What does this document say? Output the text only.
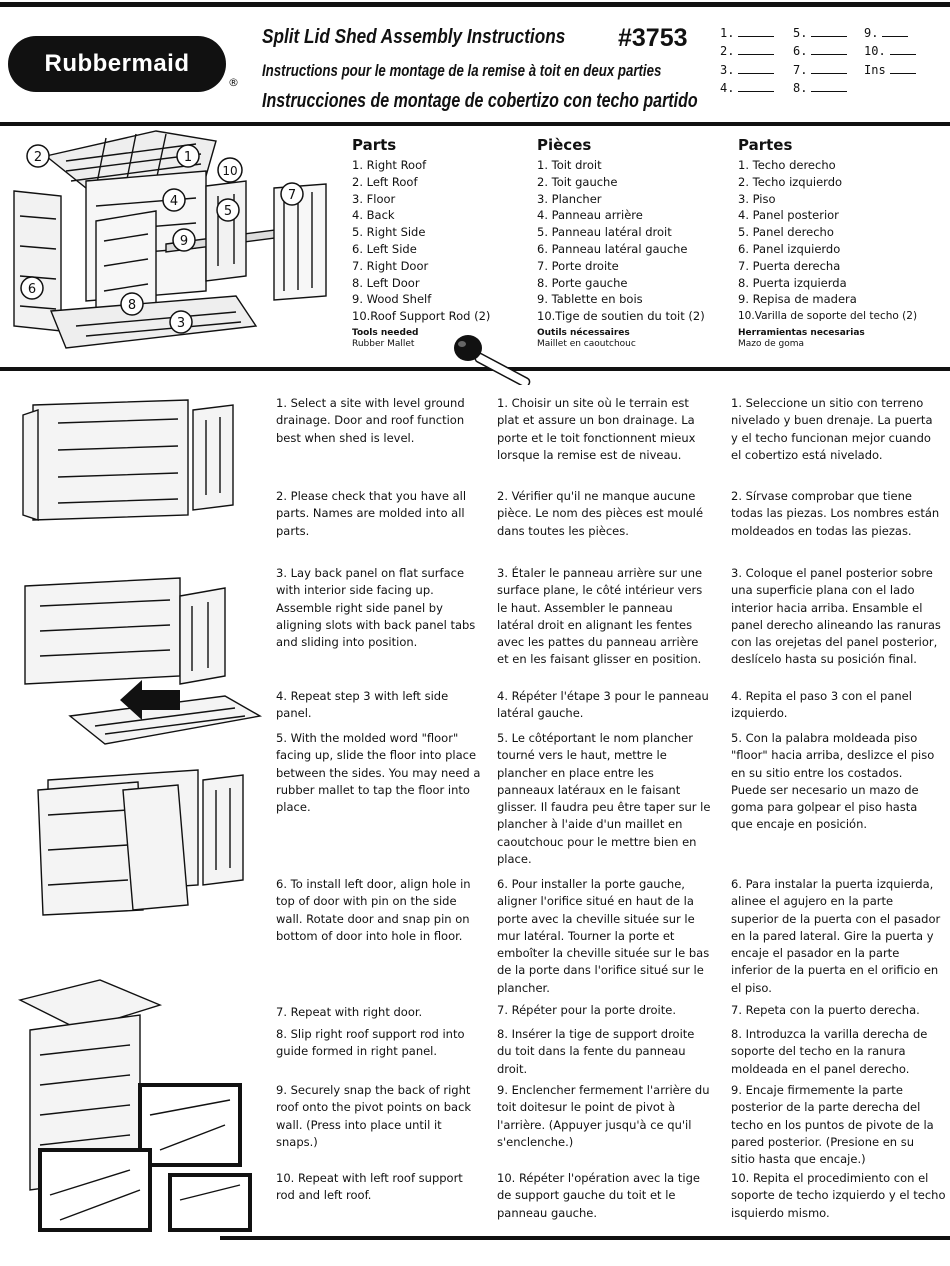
Rubbermaid
®
Split Lid Shed Assembly Instructions
Instructions pour le montage de la remise à toit en deux parties
Instrucciones de montage de cobertizo con techo partido
#3753	1.
2.
3.
4.
5.
6.
7.
8.
9.
10.
Ins
2	1
10
4
5
7
9
6
8
3
Parts
1. Right Roof
2. Left Roof
3. Floor
4. Back
5. Right Side
6. Left Side
7. Right Door
8. Left Door
9. Wood Shelf
10.Roof Support Rod (2)
Tools needed
Rubber Mallet
Pièces
1. Toit droit
2. Toit gauche
3. Plancher
4. Panneau arrière
5. Panneau latéral droit
6. Panneau latéral gauche
7. Porte droite
8. Porte gauche
9. Tablette en bois
10.Tige de soutien du toit (2)
Outils nécessaires
Maillet en caoutchouc
Partes
1. Techo derecho
2. Techo izquierdo
3. Piso
4. Panel posterior
5. Panel derecho
6. Panel izquierdo
7. Puerta derecha
8. Puerta izquierda
9. Repisa de madera
10.Varilla de soporte del techo (2)
Herramientas necesarias
Mazo de goma
1. Select a site with level ground drainage. Door and roof function best when shed is level.
2. Please check that you have all parts. Names are molded into all parts.
3. Lay back panel on flat surface with interior side facing up. Assemble right side panel by aligning slots with back panel tabs and sliding into position.
4. Repeat step 3 with left side panel.
5. With the molded word "floor" facing up, slide the floor into place between the sides. You may need a rubber mallet to tap the floor into place.
6. To install left door, align hole in top of door with pin on the side wall. Rotate door and snap pin on bottom of door into hole in floor.
7. Repeat with right door.
8. Slip right roof support rod into guide formed in right panel.
9. Securely snap the back of right roof onto the pivot points on back wall. (Press into place until it snaps.)
10. Repeat with left roof support rod and left roof.
1. Choisir un site où le terrain est plat et assure un bon drainage. La porte et le toit fonctionnent mieux lorsque la remise est de niveau.
2. Vérifier qu'il ne manque aucune pièce. Le nom des pièces est moulé dans toutes les pièces.
3. Étaler le panneau arrière sur une surface plane, le côté intérieur vers le haut. Assembler le panneau latéral droit en alignant les fentes avec les pattes du panneau arrière et en les faisant glisser en position.
4. Répéter l'étape 3 pour le panneau latéral gauche.
5. Le côtéportant le nom plancher tourné vers le haut, mettre le plancher en place entre les panneaux latéraux en le faisant glisser. Il faudra peu être taper sur le plancher à l'aide d'un maillet en caoutchouc pour le mettre bien en place.
6. Pour installer la porte gauche, aligner l'orifice situé en haut de la porte avec la cheville située sur le mur latéral. Tourner la porte et emboîter la cheville située sur le bas de la porte dans l'orifice situé sur le plancher.
7. Répéter pour la porte droite.
8. Insérer la tige de support droite du toit dans la fente du panneau droit.
9. Enclencher fermement l'arrière du toit doitesur le point de pivot à l'arrière. (Appuyer jusqu'à ce qu'il s'enclenche.)
10. Répéter l'opération avec la tige de support gauche du toit et le panneau gauche.
1. Seleccione un sitio con terreno nivelado y buen drenaje. La puerta y el techo funcionan mejor cuando el cobertizo está nivelado.
2. Sírvase comprobar que tiene todas las piezas. Los nombres están moldeados en todas las piezas.
3. Coloque el panel posterior sobre una superficie plana con el lado interior hacia arriba. Ensamble el panel derecho alineando las ranuras con las orejetas del panel posterior, deslícelo hasta su posición final.
4. Repita el paso 3 con el panel izquierdo.
5. Con la palabra moldeada piso "floor" hacia arriba, deslizce el piso en su sitio entre los costados. Puede ser necesario un mazo de goma para golpear el piso hasta que encaje en posición.
6. Para instalar la puerta izquierda, alinee el agujero en la parte superior de la puerta con el pasador en la pared lateral. Gire la puerta y encaje el pasador en la parte inferior de la puerta en el orificio en el piso.
7. Repeta con la puerto derecha.
8. Introduzca la varilla derecha de soporte del techo en la ranura moldeada en el panel derecho.
9. Encaje firmemente la parte posterior de la parte derecha del techo en los puntos de pivote de la pared posterior. (Presione en su sitio hasta que encaje.)
10. Repita el procedimiento con el soporte de techo izquierdo y el techo isquierdo mismo.
